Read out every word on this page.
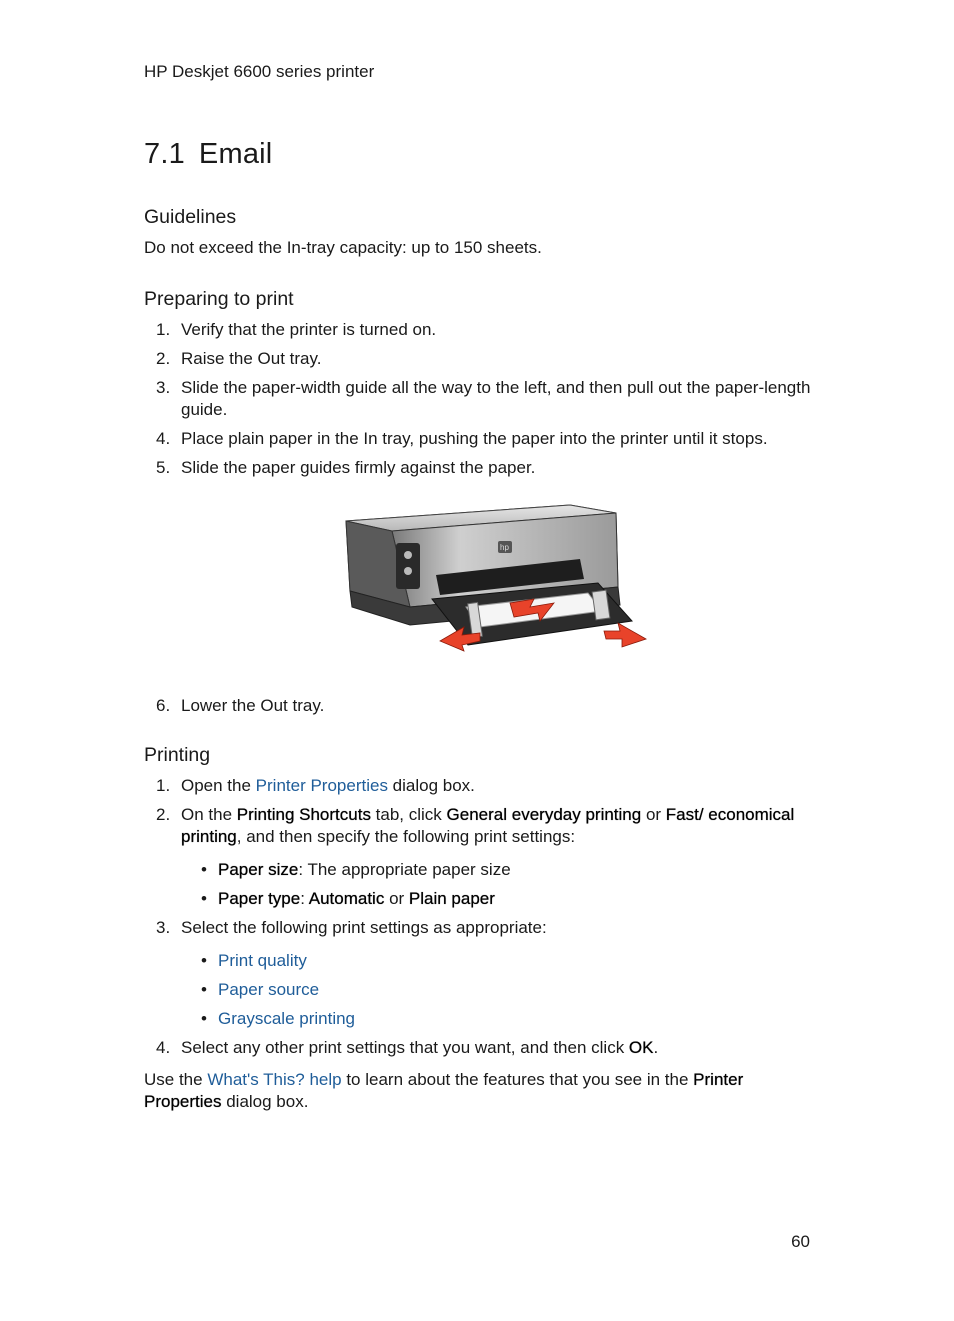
HP Deskjet 6600 series printer
7.1 Email
Guidelines

Do not exceed the In-tray capacity: up to 150 sheets.

Preparing to print
1. Verify that the printer is turned on.
2. Raise the Out tray.
3. Slide the paper-width guide all the way to the left, and then pull out the paper-length guide.
4. Place plain paper in the In tray, pushing the paper into the printer until it stops.
5. Slide the paper guides firmly against the paper.
hp
6. Lower the Out tray.
Printing
1. Open the Printer Properties dialog box.
2. On the Printing Shortcuts tab, click General everyday printing or Fast/ economical printing, and then specify the following print settings:
• Paper size: The appropriate paper size
• Paper type: Automatic or Plain paper
3. Select the following print settings as appropriate:
• Print quality
• Paper source
• Grayscale printing
4. Select any other print settings that you want, and then click OK.

Use the What's This? help to learn about the features that you see in the Printer Properties dialog box.

60
